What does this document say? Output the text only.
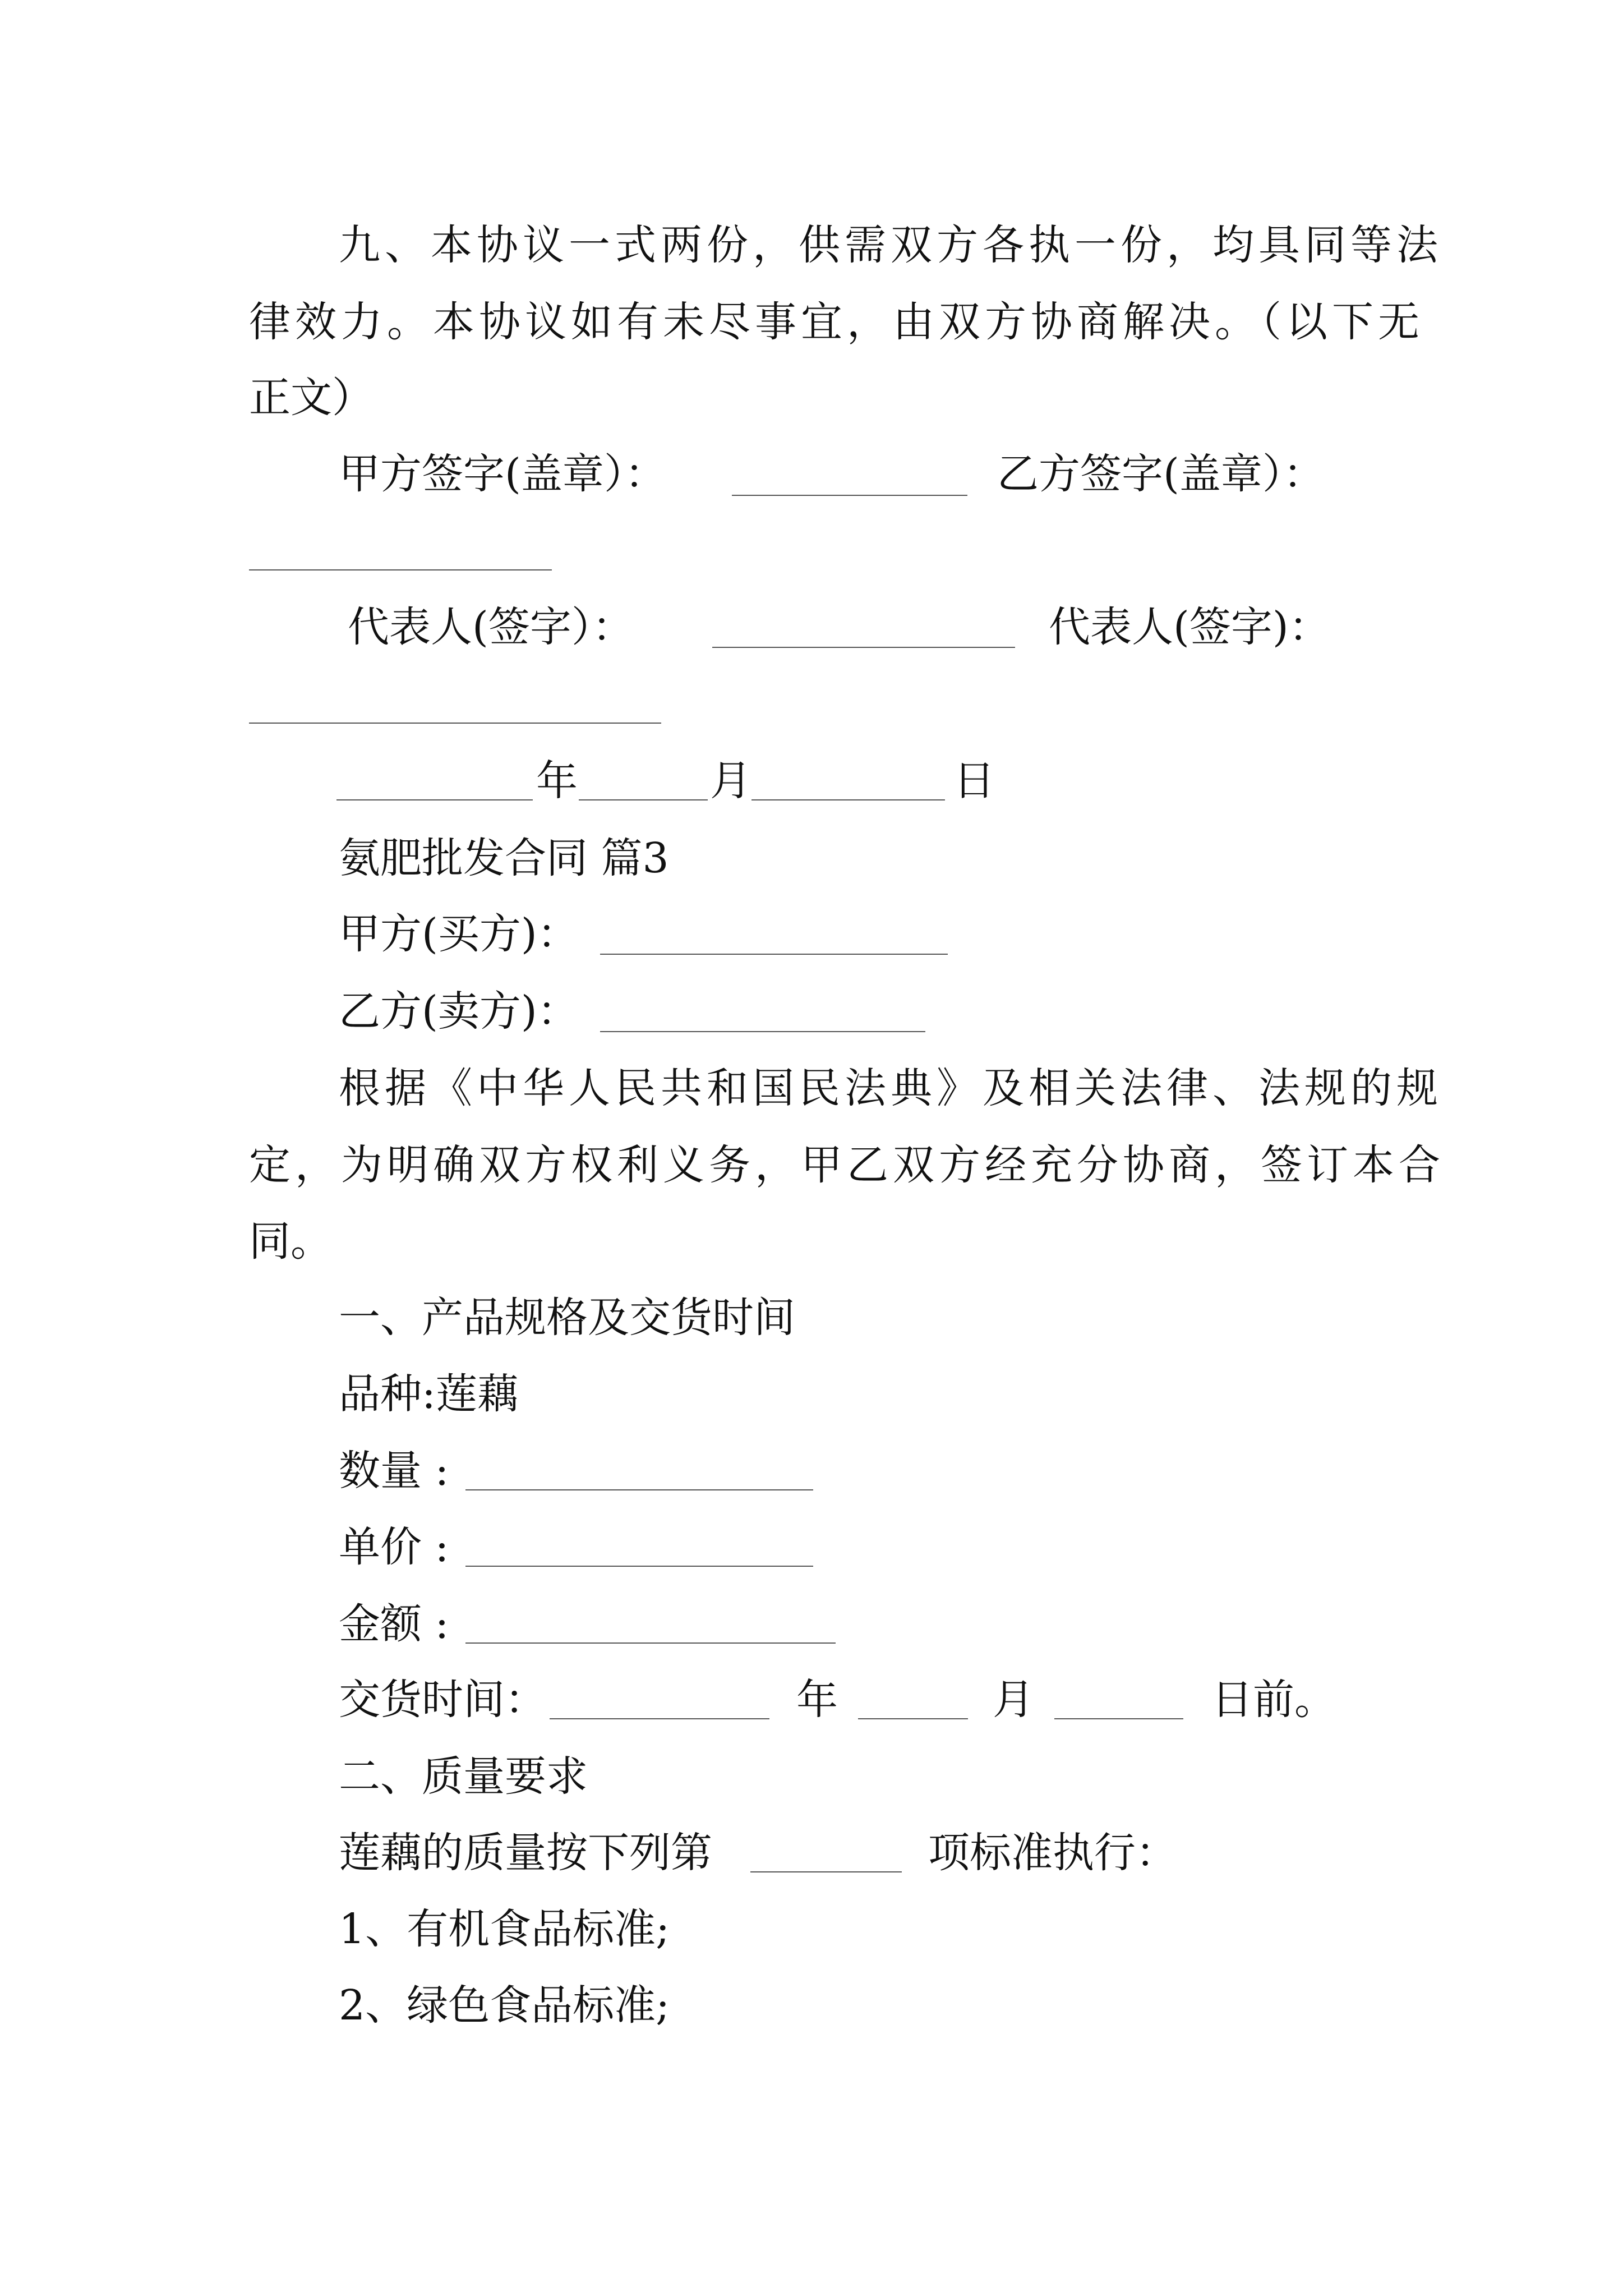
九、本协议一式两份，供需双方各执一份，均具同等法
律效力。本协议如有未尽事宜，由双方协商解决。（以下无
正文）
甲方签字(盖章）：	乙方签字(盖章）：
代表人(签字）：	代表人(签字)：
年	月	日
氨肥批发合同 篇3
甲方(买方)：
乙方(卖方)：
根据《中华人民共和国民法典》及相关法律、法规的规
定，为明确双方权利义务，甲乙双方经充分协商，签订本合
同。
一、产品规格及交货时间
品种:莲藕
数量 :
单价 :
金额 :
交货时间：	年	月	日前。
二、质量要求
莲藕的质量按下列第	项标准执行：
1、有机食品标准;
2、绿色食品标准;
